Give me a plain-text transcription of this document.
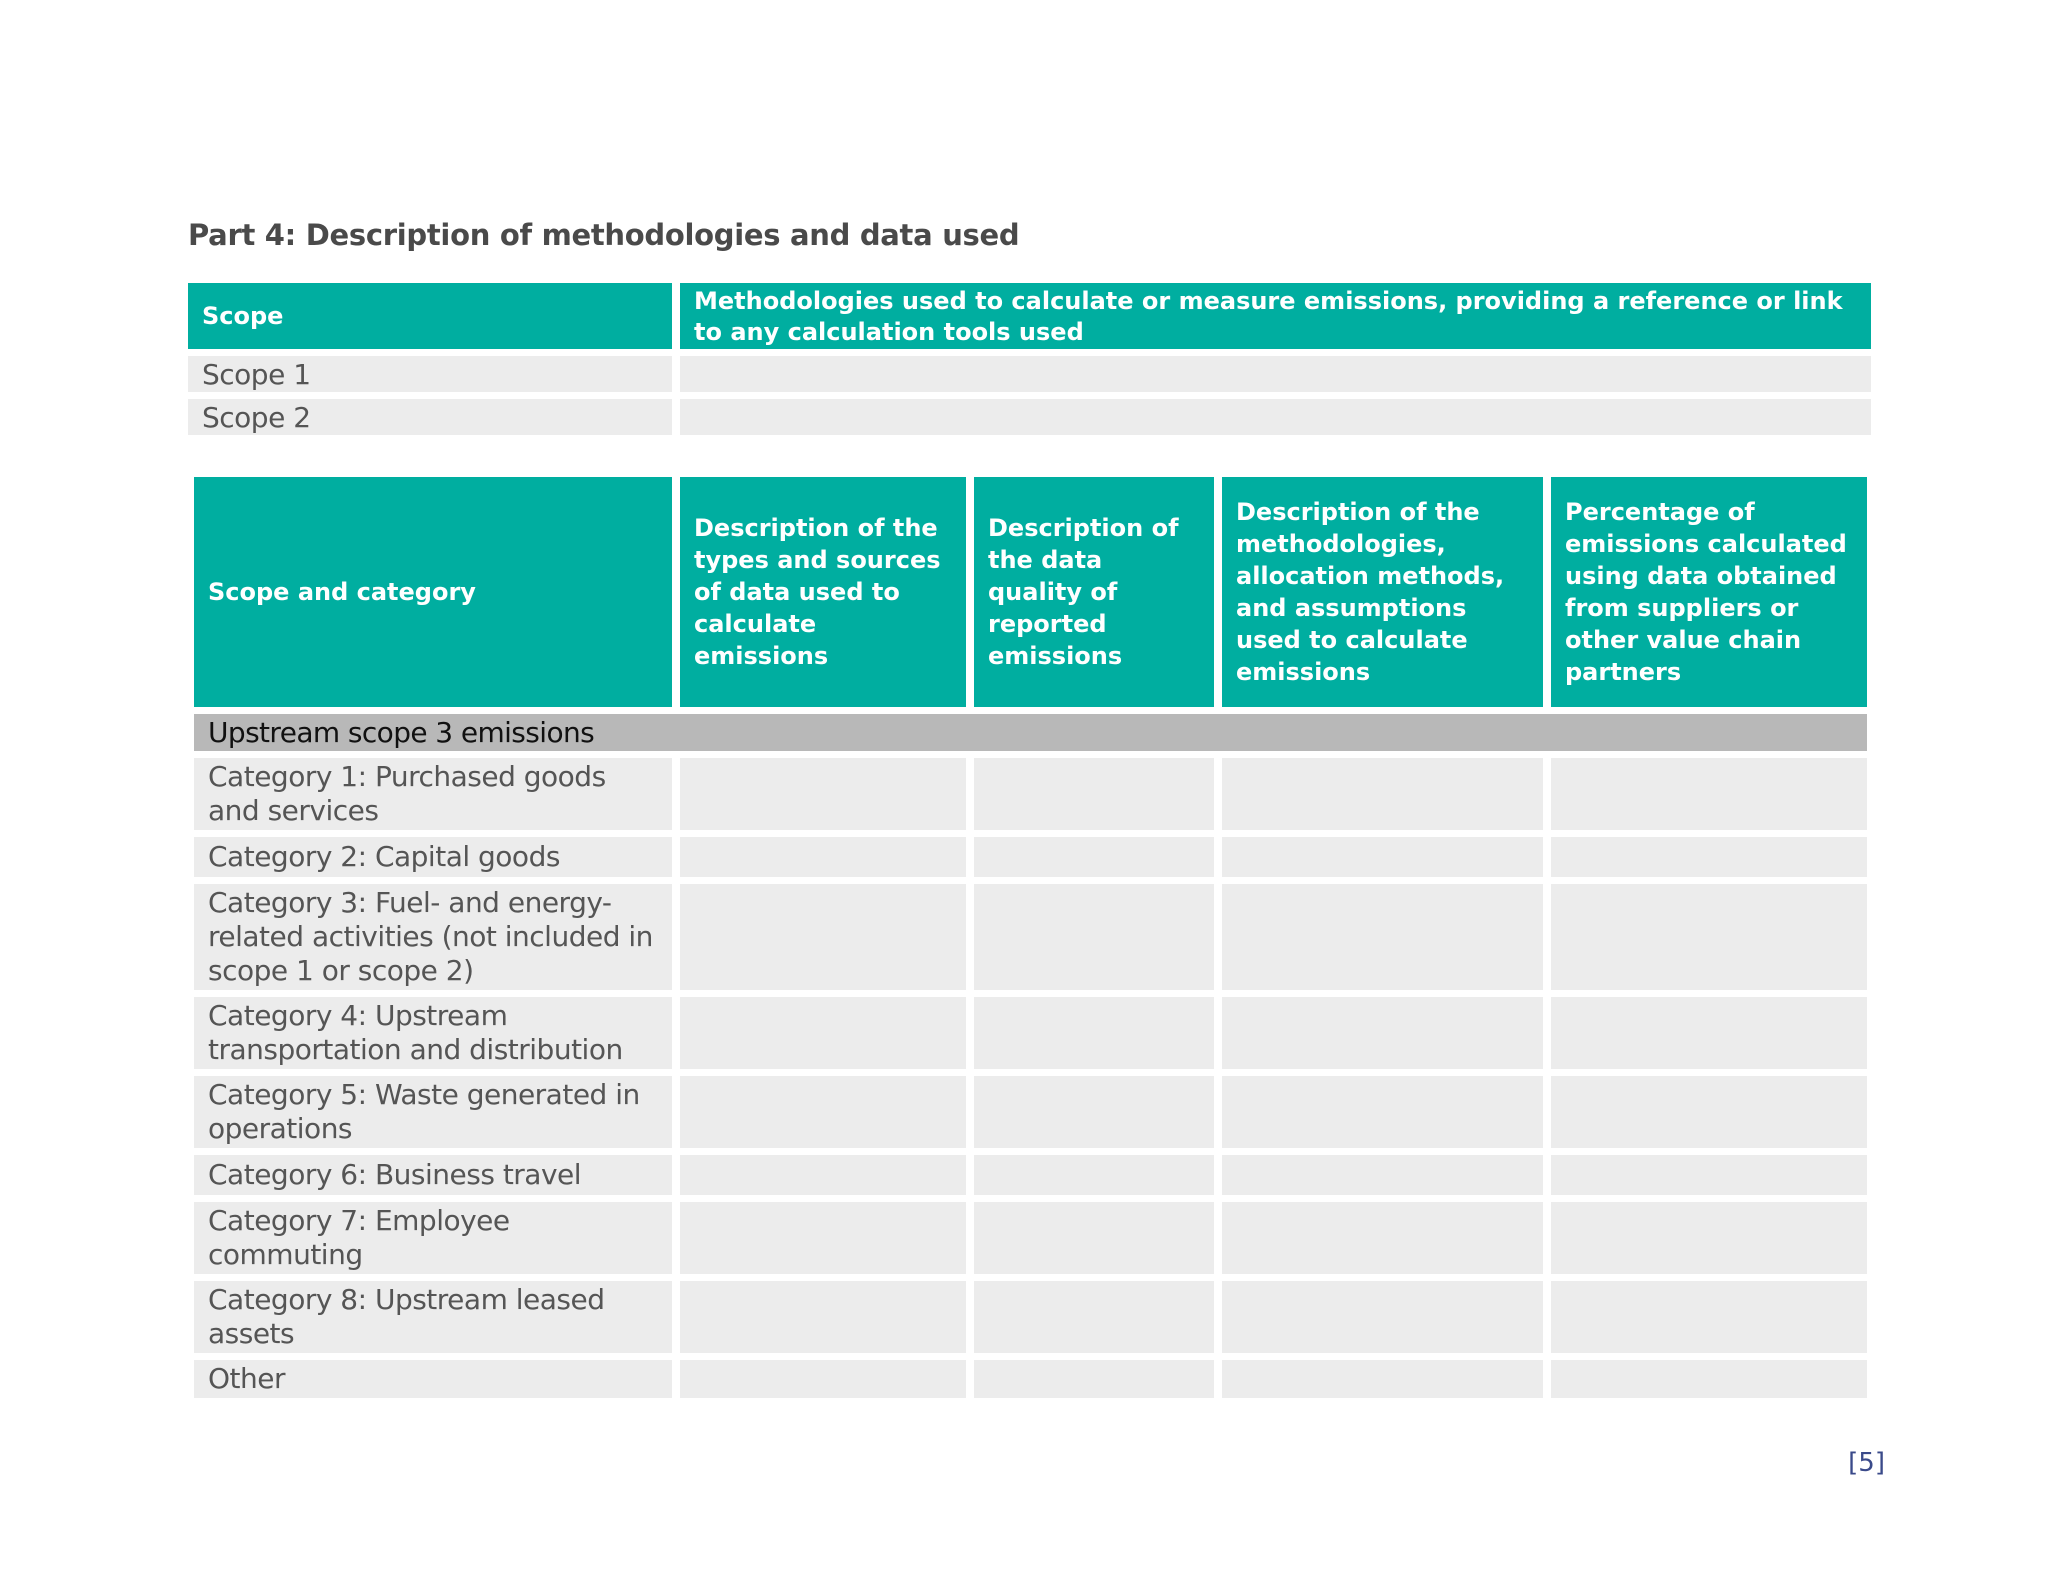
Part 4: Description of methodologies and data used
Scope	Methodologies used to calculate or measure emissions, providing a reference or link to any calculation tools used
Scope 1	
Scope 2	
Scope and category	Description of the types and sources of data used to calculate emissions	Description of the data quality of reported emissions	Description of the methodologies, allocation methods, and assumptions used to calculate emissions	Percentage of emissions calculated using data obtained from suppliers or other value chain partners
Upstream scope 3 emissions				
Category 1: Purchased goods and services				
Category 2: Capital goods				
Category 3: Fuel- and energy-related activities (not included in scope 1 or scope 2)				
Category 4: Upstream transportation and distribution				
Category 5: Waste generated in operations				
Category 6: Business travel				
Category 7: Employee commuting				
Category 8: Upstream leased assets				
Other				
[5]
